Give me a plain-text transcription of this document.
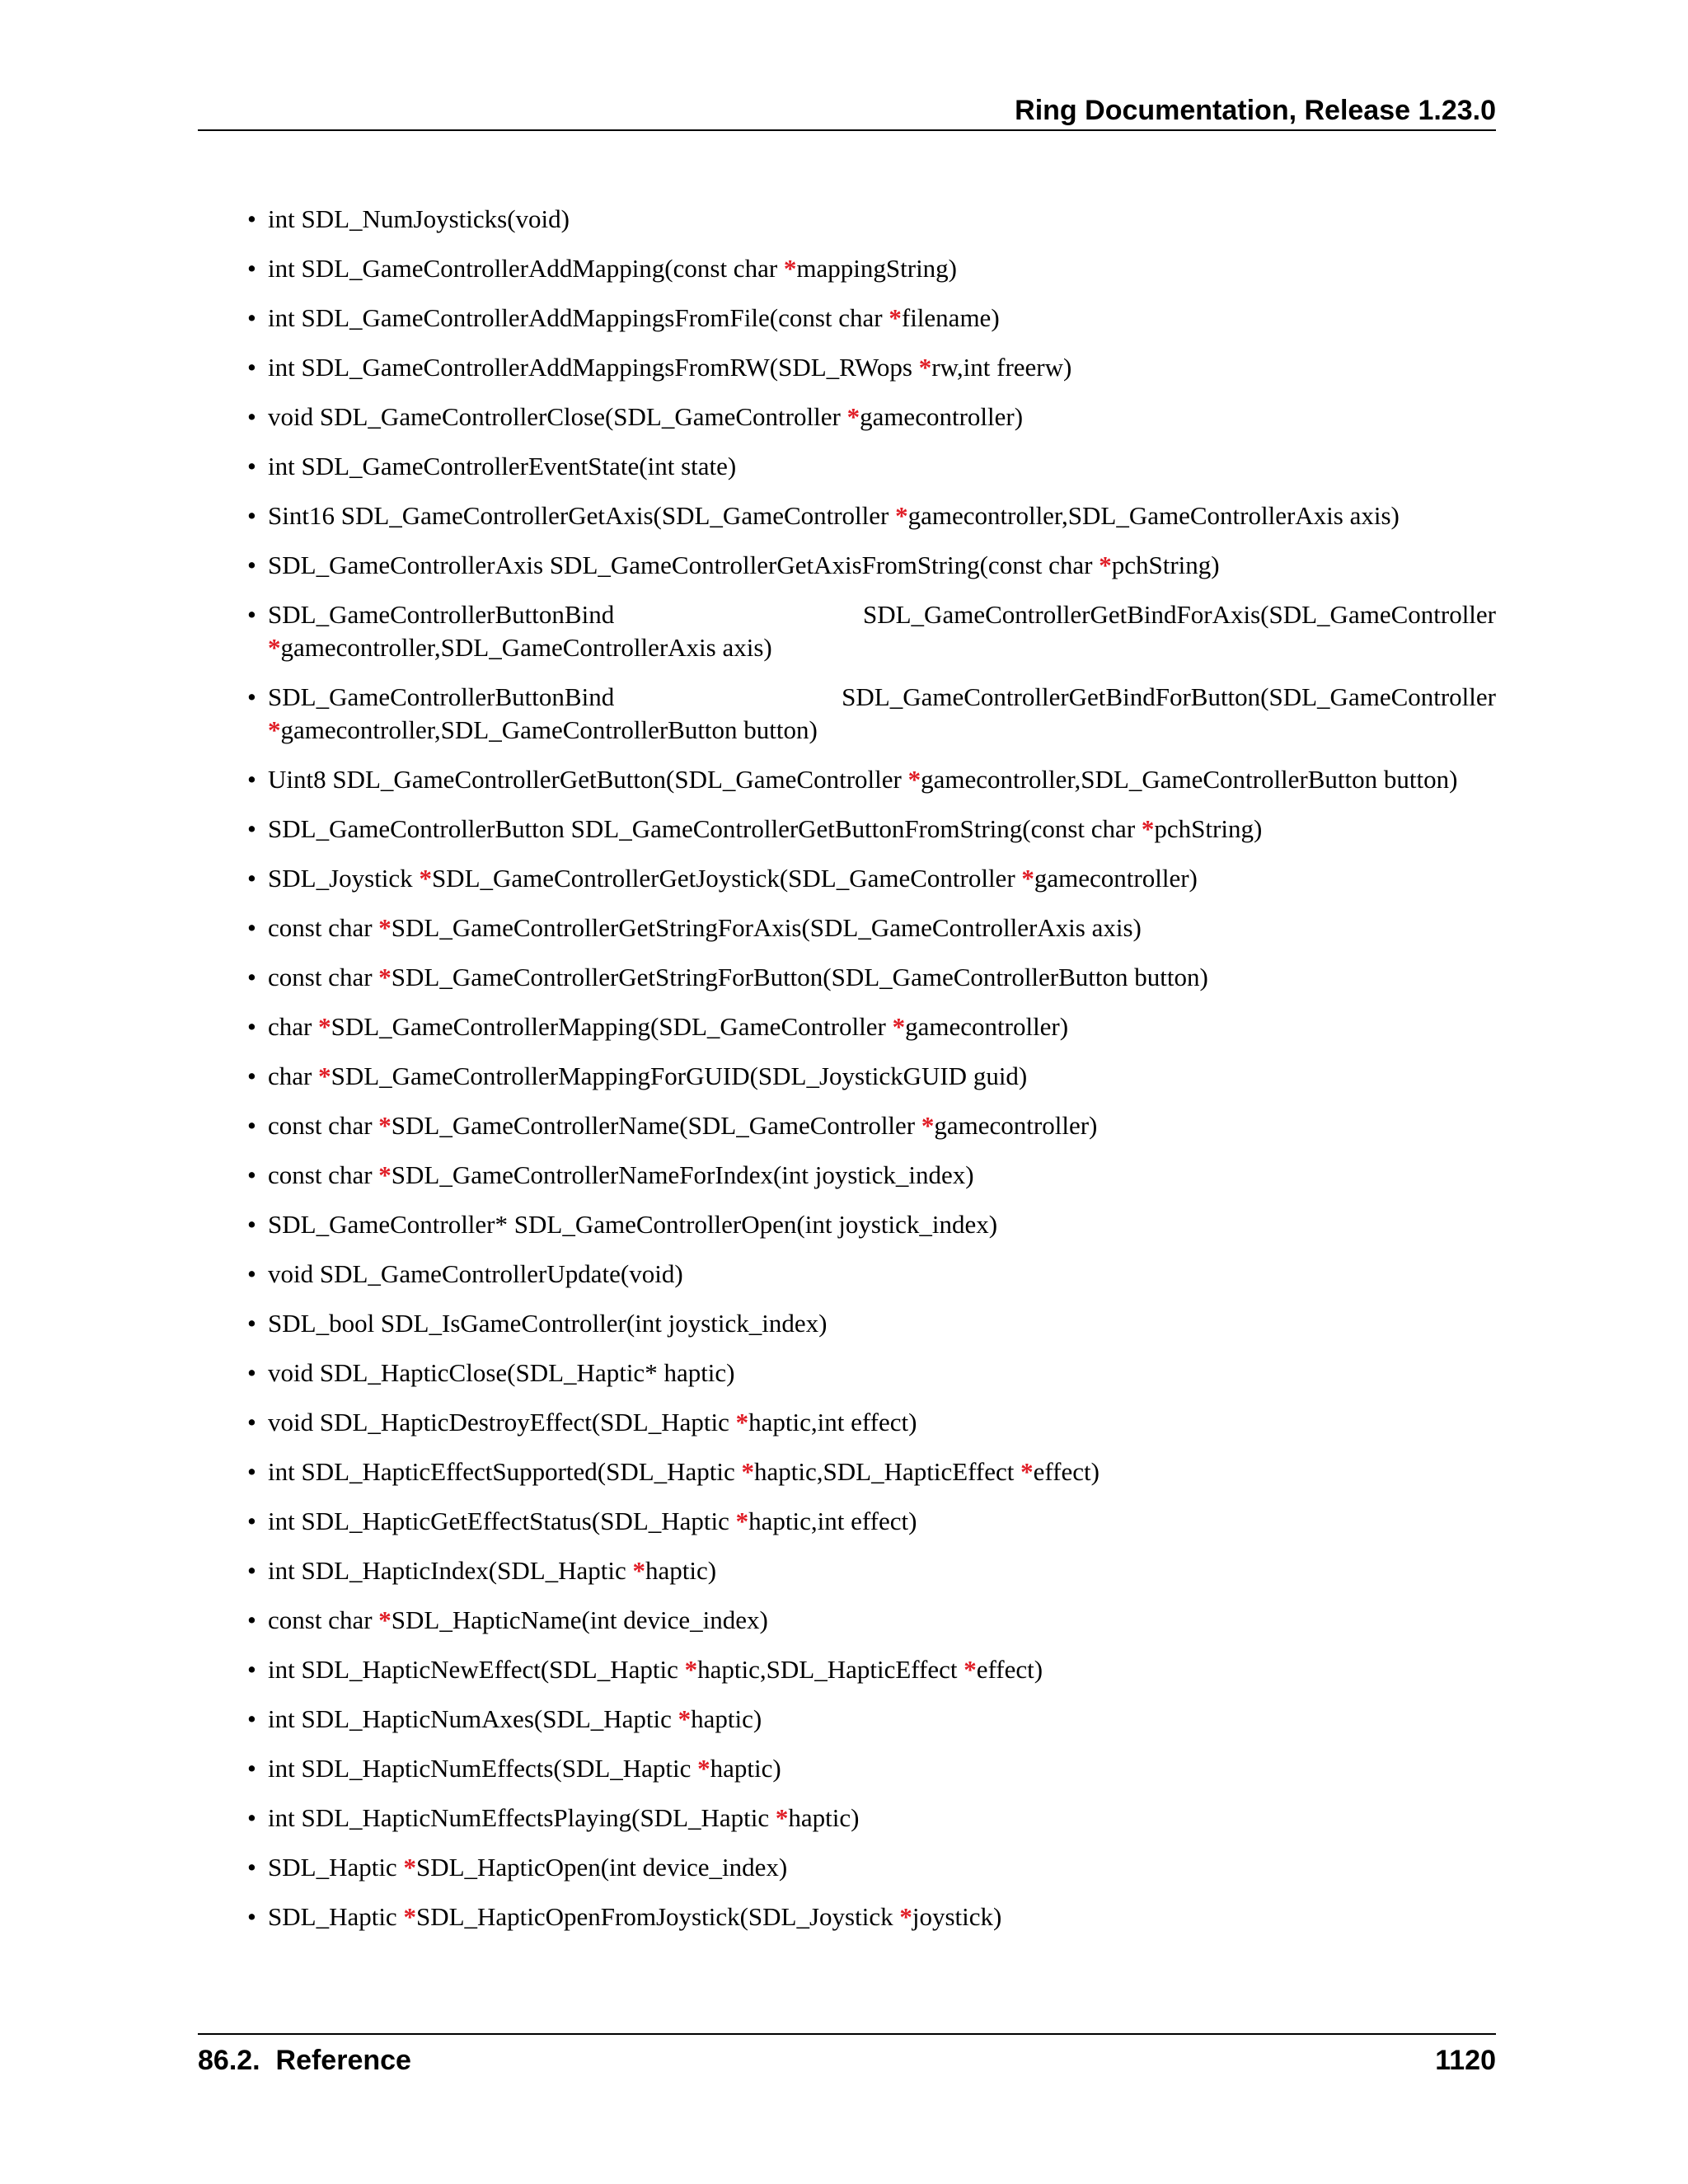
Ring Documentation, Release 1.23.0
• int SDL_NumJoysticks(void)
• int SDL_GameControllerAddMapping(const char *mappingString)
• int SDL_GameControllerAddMappingsFromFile(const char *filename)
• int SDL_GameControllerAddMappingsFromRW(SDL_RWops *rw,int freerw)
• void SDL_GameControllerClose(SDL_GameController *gamecontroller)
• int SDL_GameControllerEventState(int state)
• Sint16 SDL_GameControllerGetAxis(SDL_GameController *gamecontroller,SDL_GameControllerAxis axis)
• SDL_GameControllerAxis SDL_GameControllerGetAxisFromString(const char *pchString)
• SDL_GameControllerButtonBind SDL_GameControllerGetBindForAxis(SDL_GameController *gamecontroller,SDL_GameControllerAxis axis)
• SDL_GameControllerButtonBind SDL_GameControllerGetBindForButton(SDL_GameController *gamecontroller,SDL_GameControllerButton button)
• Uint8 SDL_GameControllerGetButton(SDL_GameController *gamecontroller,SDL_GameControllerButton button)
• SDL_GameControllerButton SDL_GameControllerGetButtonFromString(const char *pchString)
• SDL_Joystick *SDL_GameControllerGetJoystick(SDL_GameController *gamecontroller)
• const char *SDL_GameControllerGetStringForAxis(SDL_GameControllerAxis axis)
• const char *SDL_GameControllerGetStringForButton(SDL_GameControllerButton button)
• char *SDL_GameControllerMapping(SDL_GameController *gamecontroller)
• char *SDL_GameControllerMappingForGUID(SDL_JoystickGUID guid)
• const char *SDL_GameControllerName(SDL_GameController *gamecontroller)
• const char *SDL_GameControllerNameForIndex(int joystick_index)
• SDL_GameController* SDL_GameControllerOpen(int joystick_index)
• void SDL_GameControllerUpdate(void)
• SDL_bool SDL_IsGameController(int joystick_index)
• void SDL_HapticClose(SDL_Haptic* haptic)
• void SDL_HapticDestroyEffect(SDL_Haptic *haptic,int effect)
• int SDL_HapticEffectSupported(SDL_Haptic *haptic,SDL_HapticEffect *effect)
• int SDL_HapticGetEffectStatus(SDL_Haptic *haptic,int effect)
• int SDL_HapticIndex(SDL_Haptic *haptic)
• const char *SDL_HapticName(int device_index)
• int SDL_HapticNewEffect(SDL_Haptic *haptic,SDL_HapticEffect *effect)
• int SDL_HapticNumAxes(SDL_Haptic *haptic)
• int SDL_HapticNumEffects(SDL_Haptic *haptic)
• int SDL_HapticNumEffectsPlaying(SDL_Haptic *haptic)
• SDL_Haptic *SDL_HapticOpen(int device_index)
• SDL_Haptic *SDL_HapticOpenFromJoystick(SDL_Joystick *joystick)
86.2.  Reference	1120
